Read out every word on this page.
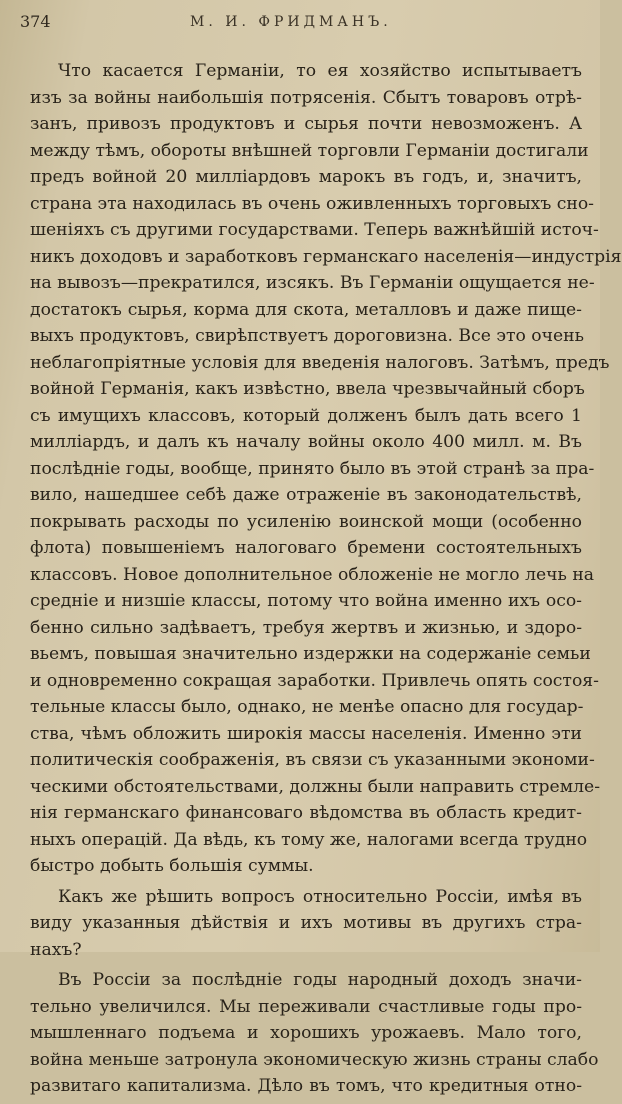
374	М. И. ФРИДМАНЪ.
Что касается Германіи, то ея хозяйство испытываетъ
изъ за войны наибольшія потрясенія. Сбытъ товаровъ отрѣ-
занъ, привозъ продуктовъ и сырья почти невозможенъ. А
между тѣмъ, обороты внѣшней торговли Германіи достигали
предъ войной 20 милліардовъ марокъ въ годъ, и, значитъ,
страна эта находилась въ очень оживленныхъ торговыхъ сно-
шеніяхъ съ другими государствами. Теперь важнѣйшій источ-
никъ доходовъ и заработковъ германскаго населенія—индустрія
на вывозъ—прекратился, изсякъ. Въ Германіи ощущается не-
достатокъ сырья, корма для скота, металловъ и даже пище-
выхъ продуктовъ, свирѣпствуетъ дороговизна. Все это очень
неблагопріятные условія для введенія налоговъ. Затѣмъ, предъ
войной Германія, какъ извѣстно, ввела чрезвычайный сборъ
съ имущихъ классовъ, который долженъ былъ дать всего 1
милліардъ, и далъ къ началу войны около 400 милл. м. Въ
послѣдніе годы, вообще, принято было въ этой странѣ за пра-
вило, нашедшее себѣ даже отраженіе въ законодательствѣ,
покрывать расходы по усиленію воинской мощи (особенно
флота) повышеніемъ налоговаго бремени состоятельныхъ
классовъ. Новое дополнительное обложеніе не могло лечь на
средніе и низшіе классы, потому что война именно ихъ осо-
бенно сильно задѣваетъ, требуя жертвъ и жизнью, и здоро-
вьемъ, повышая значительно издержки на содержаніе семьи
и одновременно сокращая заработки. Привлечь опять состоя-
тельные классы было, однако, не менѣе опасно для государ-
ства, чѣмъ обложить широкія массы населенія. Именно эти
политическія соображенія, въ связи съ указанными экономи-
ческими обстоятельствами, должны были направить стремле-
нія германскаго финансоваго вѣдомства въ область кредит-
ныхъ операцій. Да вѣдь, къ тому же, налогами всегда трудно
быстро добыть большія суммы.
Какъ же рѣшить вопросъ относительно Россіи, имѣя въ
виду указанныя дѣйствія и ихъ мотивы въ другихъ стра-
нахъ?
Въ Россіи за послѣдніе годы народный доходъ значи-
тельно увеличился. Мы переживали счастливые годы про-
мышленнаго подъема и хорошихъ урожаевъ. Мало того,
война меньше затронула экономическую жизнь страны слабо
развитаго капитализма. Дѣло въ томъ, что кредитныя отно-
